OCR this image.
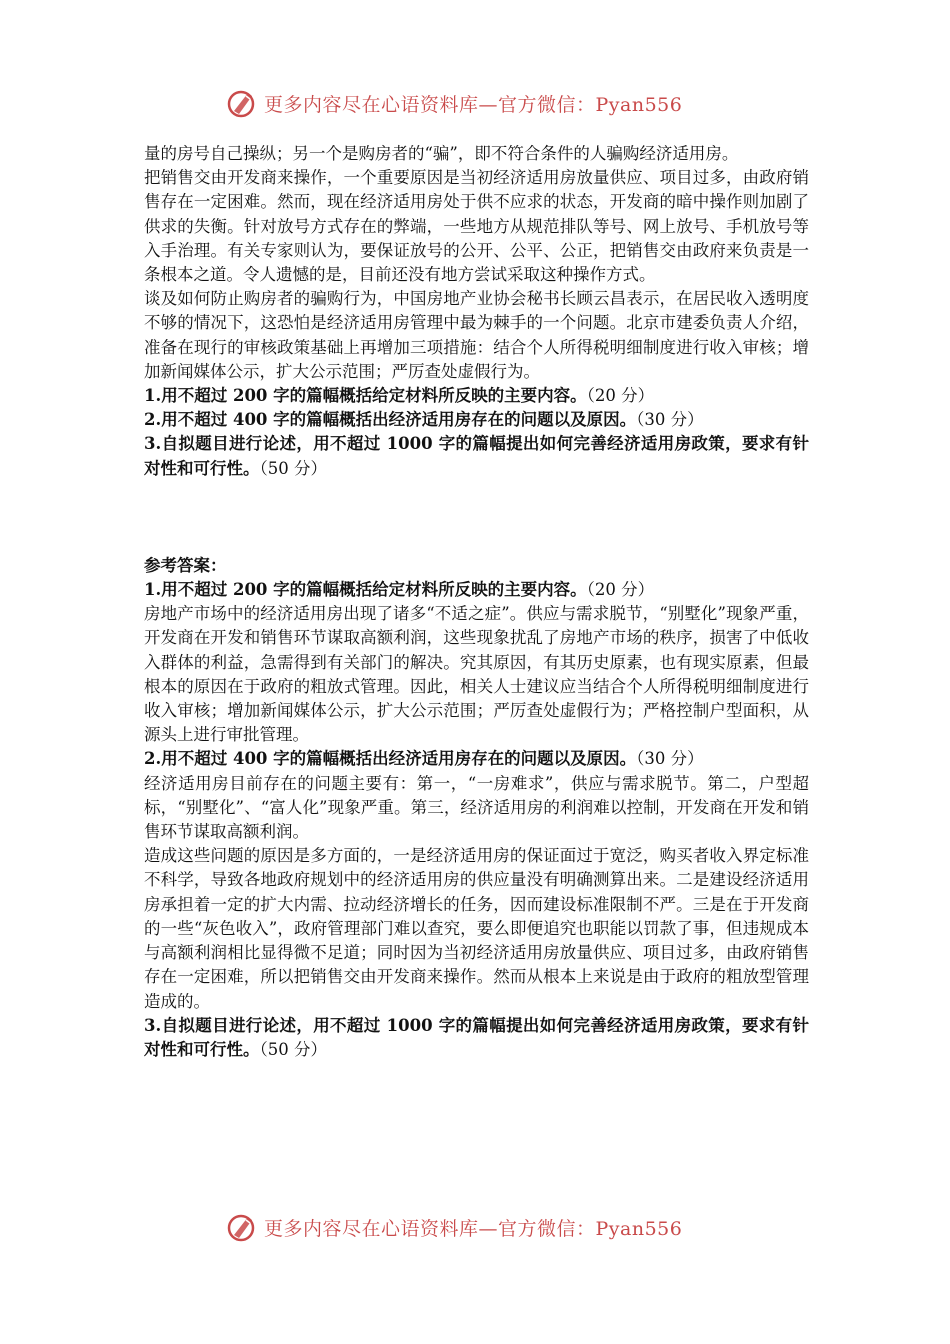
更多内容尽在心语资料库—官方微信：Pyan556

量的房号自己操纵；另一个是购房者的“骗”，即不符合条件的人骗购经济适用房。

把销售交由开发商来操作，一个重要原因是当初经济适用房放量供应、项目过多，由政府销售存在一定困难。然而，现在经济适用房处于供不应求的状态，开发商的暗中操作则加剧了供求的失衡。针对放号方式存在的弊端，一些地方从规范排队等号、网上放号、手机放号等入手治理。有关专家则认为，要保证放号的公开、公平、公正，把销售交由政府来负责是一条根本之道。令人遗憾的是，目前还没有地方尝试采取这种操作方式。

谈及如何防止购房者的骗购行为，中国房地产业协会秘书长顾云昌表示，在居民收入透明度不够的情况下，这恐怕是经济适用房管理中最为棘手的一个问题。北京市建委负责人介绍，准备在现行的审核政策基础上再增加三项措施：结合个人所得税明细制度进行收入审核；增加新闻媒体公示，扩大公示范围；严厉查处虚假行为。

1.用不超过 200 字的篇幅概括给定材料所反映的主要内容。（20 分）

2.用不超过 400 字的篇幅概括出经济适用房存在的问题以及原因。（30 分）

3.自拟题目进行论述，用不超过 1000 字的篇幅提出如何完善经济适用房政策，要求有针对性和可行性。（50 分）

参考答案：

1.用不超过 200 字的篇幅概括给定材料所反映的主要内容。（20 分）

房地产市场中的经济适用房出现了诸多“不适之症”。供应与需求脱节，“别墅化”现象严重，开发商在开发和销售环节谋取高额利润，这些现象扰乱了房地产市场的秩序，损害了中低收入群体的利益，急需得到有关部门的解决。究其原因，有其历史原素，也有现实原素，但最根本的原因在于政府的粗放式管理。因此，相关人士建议应当结合个人所得税明细制度进行收入审核；增加新闻媒体公示，扩大公示范围；严厉查处虚假行为；严格控制户型面积，从源头上进行审批管理。

2.用不超过 400 字的篇幅概括出经济适用房存在的问题以及原因。（30 分）

经济适用房目前存在的问题主要有：第一，“一房难求”，供应与需求脱节。第二，户型超标，“别墅化”、“富人化”现象严重。第三，经济适用房的利润难以控制，开发商在开发和销售环节谋取高额利润。

造成这些问题的原因是多方面的，一是经济适用房的保证面过于宽泛，购买者收入界定标准不科学，导致各地政府规划中的经济适用房的供应量没有明确测算出来。二是建设经济适用房承担着一定的扩大内需、拉动经济增长的任务，因而建设标准限制不严。三是在于开发商的一些“灰色收入”，政府管理部门难以查究，要么即便追究也职能以罚款了事，但违规成本与高额利润相比显得微不足道；同时因为当初经济适用房放量供应、项目过多，由政府销售存在一定困难，所以把销售交由开发商来操作。然而从根本上来说是由于政府的粗放型管理造成的。

3.自拟题目进行论述，用不超过 1000 字的篇幅提出如何完善经济适用房政策，要求有针对性和可行性。（50 分）

更多内容尽在心语资料库—官方微信：Pyan556
